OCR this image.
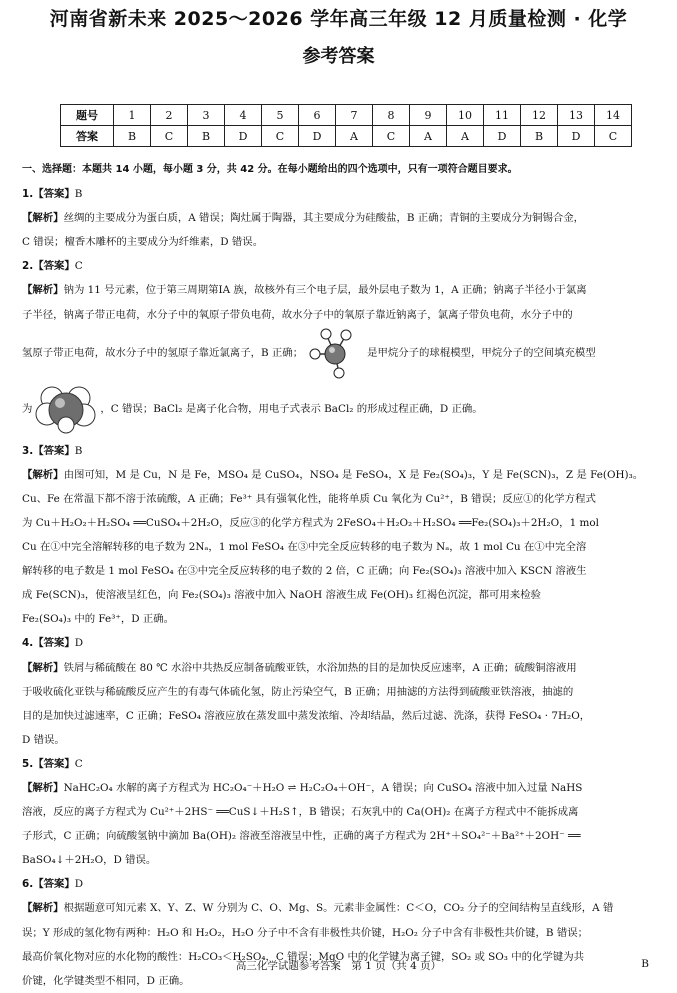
河南省新未来 2025～2026 学年高三年级 12 月质量检测 · 化学
参考答案
题号	1	2	3	4	5	6	7	8	9	10	11	12	13	14
答案	B	C	B	D	C	D	A	C	A	A	D	B	D	C

一、选择题：本题共 14 小题，每小题 3 分，共 42 分。在每小题给出的四个选项中，只有一项符合题目要求。

1.【答案】B

【解析】丝绸的主要成分为蛋白质，A 错误；陶灶属于陶器，其主要成分为硅酸盐，B 正确；青铜的主要成分为铜锡合金，

C 错误；檀香木雕杯的主要成分为纤维素，D 错误。

2.【答案】C

【解析】钠为 11 号元素，位于第三周期第ⅠA 族，故核外有三个电子层，最外层电子数为 1，A 正确；钠离子半径小于氯离

子半径，钠离子带正电荷，水分子中的氧原子带负电荷，故水分子中的氧原子靠近钠离子，氯离子带负电荷，水分子中的

氢原子带正电荷，故水分子中的氢原子靠近氯离子，B 正确；	是甲烷分子的球棍模型，甲烷分子的空间填充模型

为	，C 错误；BaCl₂ 是离子化合物，用电子式表示 BaCl₂ 的形成过程正确，D 正确。

3.【答案】B

【解析】由图可知，M 是 Cu，N 是 Fe，MSO₄ 是 CuSO₄，NSO₄ 是 FeSO₄，X 是 Fe₂(SO₄)₃，Y 是 Fe(SCN)₃，Z 是 Fe(OH)₃。

Cu、Fe 在常温下都不溶于浓硫酸，A 正确；Fe³⁺ 具有强氧化性，能将单质 Cu 氧化为 Cu²⁺，B 错误；反应①的化学方程式

为 Cu＋H₂O₂＋H₂SO₄ ══CuSO₄＋2H₂O，反应③的化学方程式为 2FeSO₄＋H₂O₂＋H₂SO₄ ══Fe₂(SO₄)₃＋2H₂O，1 mol

Cu 在①中完全溶解转移的电子数为 2Nₐ，1 mol FeSO₄ 在③中完全反应转移的电子数为 Nₐ，故 1 mol Cu 在①中完全溶

解转移的电子数是 1 mol FeSO₄ 在③中完全反应转移的电子数的 2 倍，C 正确；向 Fe₂(SO₄)₃ 溶液中加入 KSCN 溶液生

成 Fe(SCN)₃，使溶液呈红色，向 Fe₂(SO₄)₃ 溶液中加入 NaOH 溶液生成 Fe(OH)₃ 红褐色沉淀，都可用来检验

Fe₂(SO₄)₃ 中的 Fe³⁺，D 正确。

4.【答案】D

【解析】铁屑与稀硫酸在 80 ℃ 水浴中共热反应制备硫酸亚铁，水浴加热的目的是加快反应速率，A 正确；硫酸铜溶液用

于吸收硫化亚铁与稀硫酸反应产生的有毒气体硫化氢，防止污染空气，B 正确；用抽滤的方法得到硫酸亚铁溶液，抽滤的

目的是加快过滤速率，C 正确；FeSO₄ 溶液应放在蒸发皿中蒸发浓缩、冷却结晶，然后过滤、洗涤，获得 FeSO₄ · 7H₂O，

D 错误。

5.【答案】C

【解析】NaHC₂O₄ 水解的离子方程式为 HC₂O₄⁻＋H₂O ⇌ H₂C₂O₄＋OH⁻，A 错误；向 CuSO₄ 溶液中加入过量 NaHS

溶液，反应的离子方程式为 Cu²⁺＋2HS⁻ ══CuS↓＋H₂S↑，B 错误；石灰乳中的 Ca(OH)₂ 在离子方程式中不能拆成离

子形式，C 正确；向硫酸氢钠中滴加 Ba(OH)₂ 溶液至溶液呈中性，正确的离子方程式为 2H⁺＋SO₄²⁻＋Ba²⁺＋2OH⁻ ══

BaSO₄↓＋2H₂O，D 错误。

6.【答案】D

【解析】根据题意可知元素 X、Y、Z、W 分别为 C、O、Mg、S。元素非金属性：C＜O，CO₂ 分子的空间结构呈直线形，A 错

误；Y 形成的氢化物有两种：H₂O 和 H₂O₂，H₂O 分子中不含有非极性共价键，H₂O₂ 分子中含有非极性共价键，B 错误；

最高价氧化物对应的水化物的酸性：H₂CO₃＜H₂SO₄，C 错误；MgO 中的化学键为离子键，SO₂ 或 SO₃ 中的化学键为共

价键，化学键类型不相同，D 正确。

高三化学试题参考答案　第 1 页（共 4 页）	B
